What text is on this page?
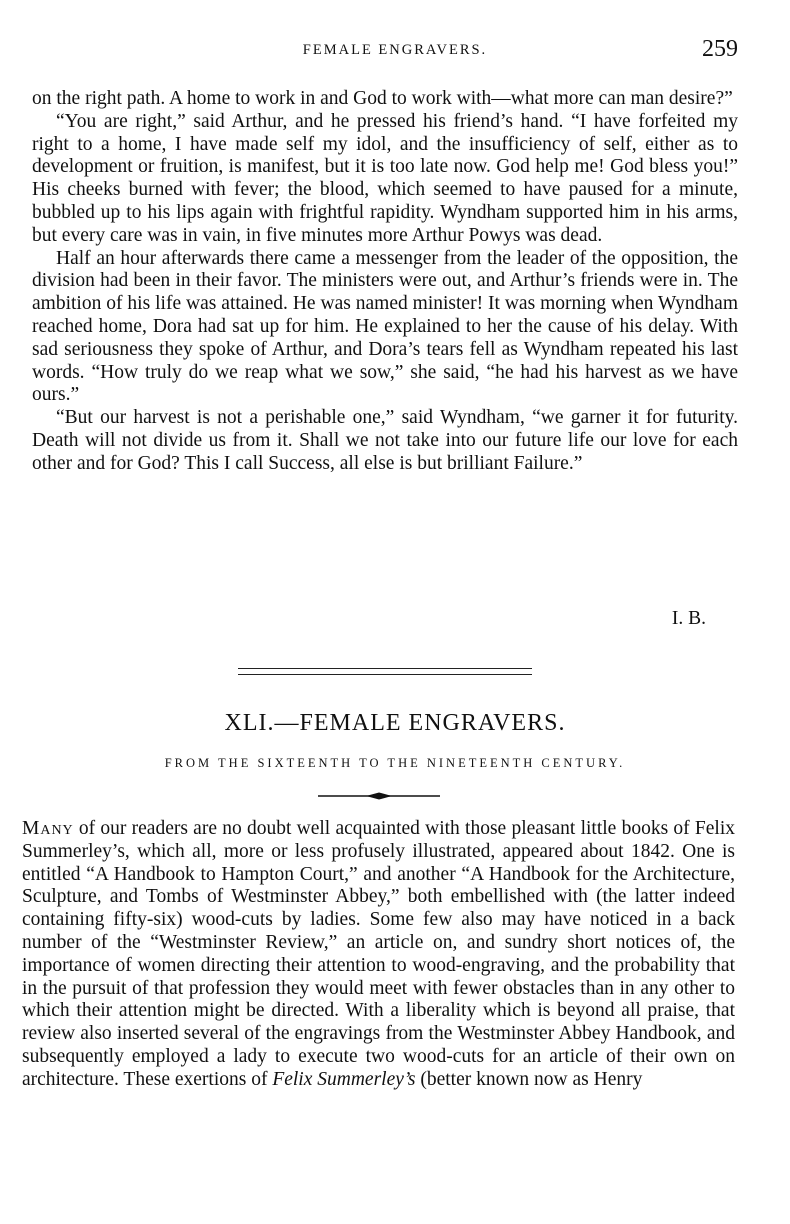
FEMALE ENGRAVERS.	259

on the right path. A home to work in and God to work with—what more can man desire?”

“You are right,” said Arthur, and he pressed his friend’s hand. “I have forfeited my right to a home, I have made self my idol, and the insufficiency of self, either as to development or fruition, is manifest, but it is too late now. God help me! God bless you!” His cheeks burned with fever; the blood, which seemed to have paused for a minute, bubbled up to his lips again with frightful rapidity. Wyndham supported him in his arms, but every care was in vain, in five minutes more Arthur Powys was dead.

Half an hour afterwards there came a messenger from the leader of the opposition, the division had been in their favor. The ministers were out, and Arthur’s friends were in. The ambition of his life was attained. He was named minister! It was morning when Wyndham reached home, Dora had sat up for him. He explained to her the cause of his delay. With sad seriousness they spoke of Arthur, and Dora’s tears fell as Wyndham repeated his last words. “How truly do we reap what we sow,” she said, “he had his harvest as we have ours.”

“But our harvest is not a perishable one,” said Wyndham, “we garner it for futurity. Death will not divide us from it. Shall we not take into our future life our love for each other and for God? This I call Success, all else is but brilliant Failure.”

I. B.
XLI.—FEMALE ENGRAVERS.
FROM THE SIXTEENTH TO THE NINETEENTH CENTURY.

Many of our readers are no doubt well acquainted with those pleasant little books of Felix Summerley’s, which all, more or less profusely illustrated, appeared about 1842. One is entitled “A Handbook to Hampton Court,” and another “A Handbook for the Architecture, Sculpture, and Tombs of Westminster Abbey,” both embellished with (the latter indeed containing fifty-six) wood-cuts by ladies. Some few also may have noticed in a back number of the “Westminster Review,” an article on, and sundry short notices of, the importance of women directing their attention to wood-engraving, and the probability that in the pursuit of that profession they would meet with fewer obstacles than in any other to which their attention might be directed. With a liberality which is beyond all praise, that review also inserted several of the engravings from the Westminster Abbey Handbook, and subsequently employed a lady to execute two wood-cuts for an article of their own on architecture. These exertions of Felix Summerley’s (better known now as Henry
